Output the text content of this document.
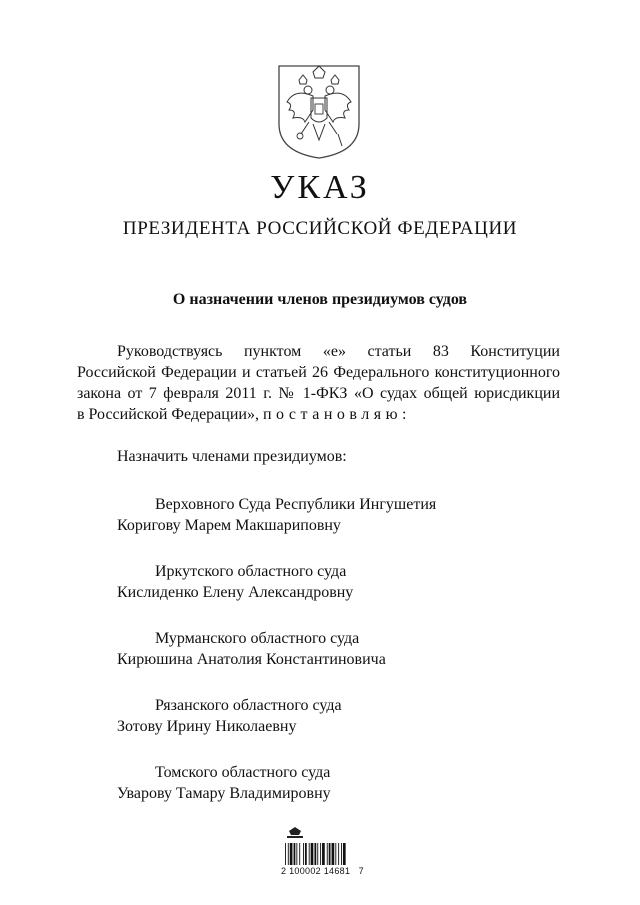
УКАЗ
ПРЕЗИДЕНТА РОССИЙСКОЙ ФЕДЕРАЦИИ
О назначении членов президиумов судов
Руководствуясь пунктом «е» статьи 83 Конституции
Российской Федерации и статьей 26 Федерального конституционного
закона от 7 февраля 2011 г. № 1-ФКЗ «О судах общей юрисдикции
в Российской Федерации», постановляю:
Назначить членами президиумов:
Верховного Суда Республики Ингушетия
Коригову Марем Макшариповну
Иркутского областного суда
Кислиденко Елену Александровну
Мурманского областного суда
Кирюшина Анатолия Константиновича
Рязанского областного суда
Зотову Ирину Николаевну
Томского областного суда
Уварову Тамару Владимировну
2 100002 14681   7
